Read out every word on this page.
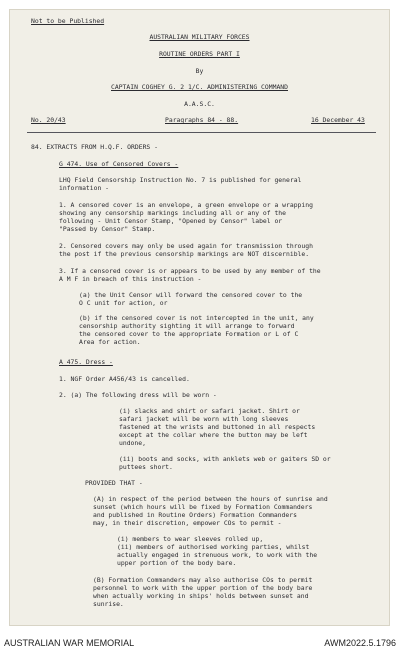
Not to be Published
AUSTRALIAN MILITARY FORCES
ROUTINE ORDERS PART I
By
CAPTAIN COGHEY G. 2 1/C. ADMINISTERING COMMAND
A.A.S.C.
No. 20/43	Paragraphs 84 - 88.	16 December 43
84. EXTRACTS FROM H.Q.F. ORDERS -
G 474. Use of Censored Covers -
LHQ Field Censorship Instruction No. 7 is published for general
information -
1. A censored cover is an envelope, a green envelope or a wrapping
showing any censorship markings including all or any of the
following - Unit Censor Stamp, "Opened by Censor" label or
"Passed by Censor" Stamp.
2. Censored covers may only be used again for transmission through
the post if the previous censorship markings are NOT discernible.
3. If a censored cover is or appears to be used by any member of the
A M F in breach of this instruction -
(a) the Unit Censor will forward the censored cover to the
O C unit for action, or
(b) if the censored cover is not intercepted in the unit, any
censorship authority sighting it will arrange to forward
the censored cover to the appropriate Formation or L of C
Area for action.
A 475. Dress -
1. NGF Order A456/43 is cancelled.
2. (a) The following dress will be worn -
(i) slacks and shirt or safari jacket. Shirt or
safari jacket will be worn with long sleeves
fastened at the wrists and buttoned in all respects
except at the collar where the button may be left
undone,
(ii) boots and socks, with anklets web or gaiters SD or
puttees short.
PROVIDED THAT -
(A) in respect of the period between the hours of sunrise and
sunset (which hours will be fixed by Formation Commanders
and published in Routine Orders) Formation Commanders
may, in their discretion, empower COs to permit -
(i) members to wear sleeves rolled up,
(ii) members of authorised working parties, whilst
actually engaged in strenuous work, to work with the
upper portion of the body bare.
(B) Formation Commanders may also authorise COs to permit
personnel to work with the upper portion of the body bare
when actually working in ships' holds between sunset and
sunrise.
AUSTRALIAN WAR MEMORIAL	AWM2022.5.1796
